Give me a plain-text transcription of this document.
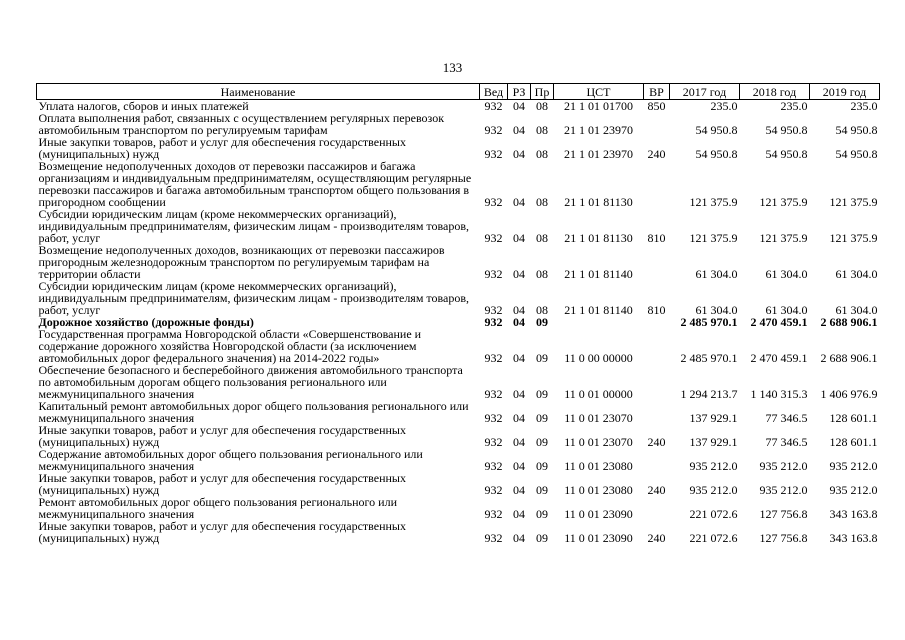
133
Наименование	Вед	РЗ	Пр	ЦСТ	ВР	2017 год	2018 год	2019 год
Уплата налогов, сборов и иных платежей	932	04	08	21 1 01 01700	850	235.0	235.0	235.0
Оплата выполнения работ, связанных с осуществлением регулярных перевозок автомобильным транспортом по регулируемым тарифам	932	04	08	21 1 01 23970		54 950.8	54 950.8	54 950.8
Иные закупки товаров, работ и услуг для обеспечения государственных (муниципальных) нужд	932	04	08	21 1 01 23970	240	54 950.8	54 950.8	54 950.8
Возмещение недополученных доходов от перевозки пассажиров и багажа организациям и индивидуальным предпринимателям, осуществляющим регулярные перевозки пассажиров и багажа автомобильным транспортом общего пользования в пригородном сообщении	932	04	08	21 1 01 81130		121 375.9	121 375.9	121 375.9
Субсидии юридическим лицам (кроме некоммерческих организаций), индивидуальным предпринимателям, физическим лицам - производителям товаров, работ, услуг	932	04	08	21 1 01 81130	810	121 375.9	121 375.9	121 375.9
Возмещение недополученных доходов, возникающих от перевозки пассажиров пригородным железнодорожным транспортом по регулируемым тарифам на территории области	932	04	08	21 1 01 81140		61 304.0	61 304.0	61 304.0
Субсидии юридическим лицам (кроме некоммерческих организаций), индивидуальным предпринимателям, физическим лицам - производителям товаров, работ, услуг	932	04	08	21 1 01 81140	810	61 304.0	61 304.0	61 304.0
Дорожное хозяйство (дорожные фонды)	932	04	09			2 485 970.1	2 470 459.1	2 688 906.1
Государственная программа Новгородской области «Совершенствование и содержание дорожного хозяйства Новгородской области (за исключением автомобильных дорог федерального значения) на 2014-2022 годы»	932	04	09	11 0 00 00000		2 485 970.1	2 470 459.1	2 688 906.1
Обеспечение безопасного и бесперебойного движения автомобильного транспорта по автомобильным дорогам общего пользования регионального или межмуниципального значения	932	04	09	11 0 01 00000		1 294 213.7	1 140 315.3	1 406 976.9
Капитальный ремонт автомобильных дорог общего пользования регионального или межмуниципального значения	932	04	09	11 0 01 23070		137 929.1	77 346.5	128 601.1
Иные закупки товаров, работ и услуг для обеспечения государственных (муниципальных) нужд	932	04	09	11 0 01 23070	240	137 929.1	77 346.5	128 601.1
Содержание автомобильных дорог общего пользования регионального или межмуниципального значения	932	04	09	11 0 01 23080		935 212.0	935 212.0	935 212.0
Иные закупки товаров, работ и услуг для обеспечения государственных (муниципальных) нужд	932	04	09	11 0 01 23080	240	935 212.0	935 212.0	935 212.0
Ремонт автомобильных дорог общего пользования регионального или межмуниципального значения	932	04	09	11 0 01 23090		221 072.6	127 756.8	343 163.8
Иные закупки товаров, работ и услуг для обеспечения государственных (муниципальных) нужд	932	04	09	11 0 01 23090	240	221 072.6	127 756.8	343 163.8
